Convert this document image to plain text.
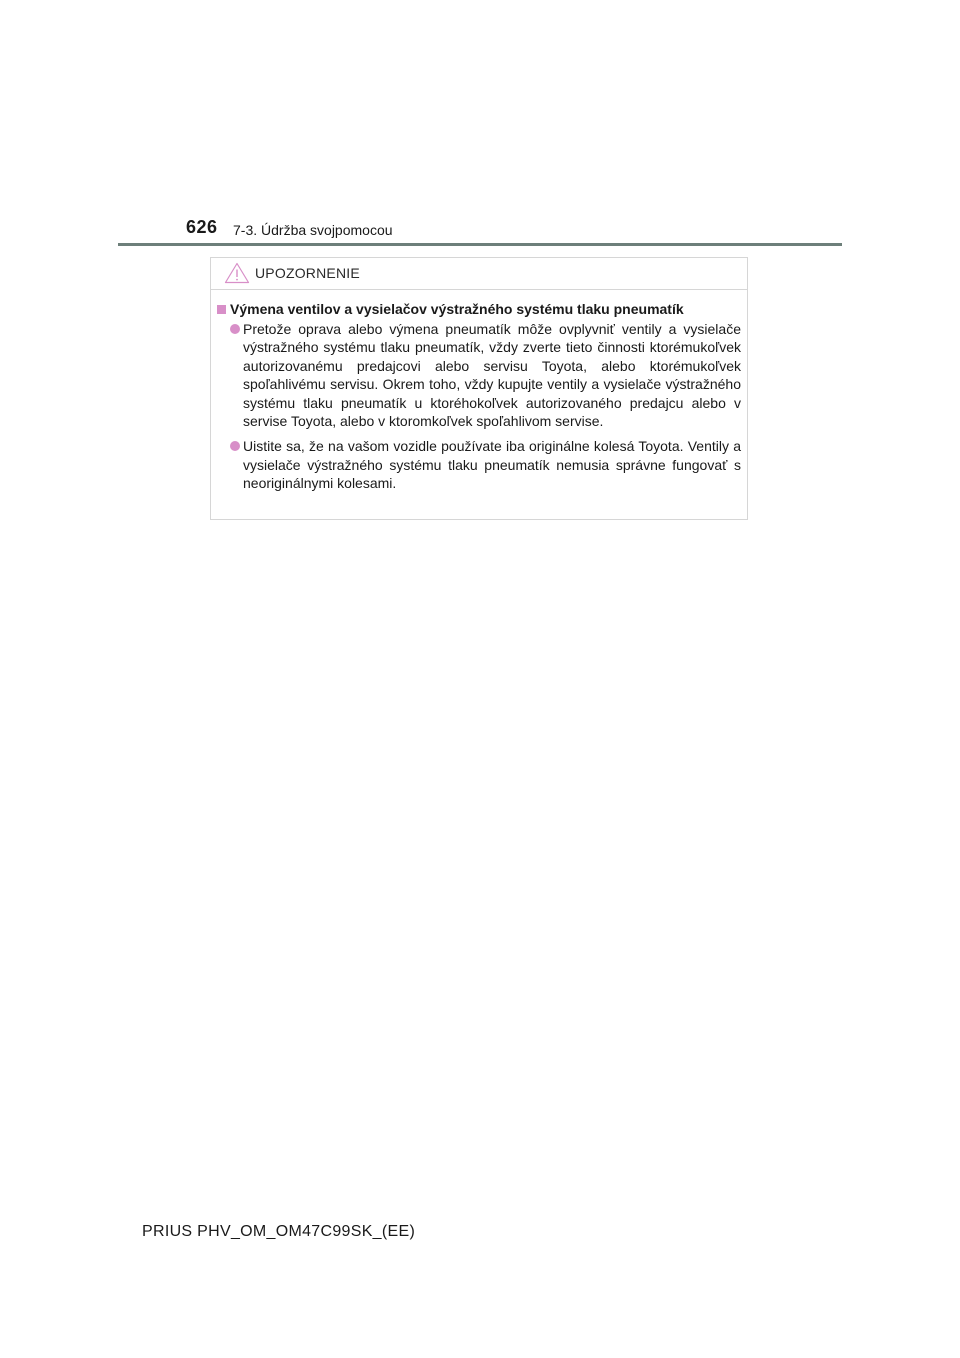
626 7-3. Údržba svojpomocou
UPOZORNENIE
Výmena ventilov a vysielačov výstražného systému tlaku pneumatík
Pretože oprava alebo výmena pneumatík môže ovplyvniť ventily a vysielače výstražného systému tlaku pneumatík, vždy zverte tieto činnosti ktorémukoľvek autorizovanému predajcovi alebo servisu Toyota, alebo ktorémukoľvek spoľahlivému servisu. Okrem toho, vždy kupujte ventily a vysielače výstražného systému tlaku pneumatík u ktoréhokoľvek autorizovaného predajcu alebo v servise Toyota, alebo v ktoromkoľvek spoľahlivom servise.
Uistite sa, že na vašom vozidle používate iba originálne kolesá Toyota. Ventily a vysielače výstražného systému tlaku pneumatík nemusia správne fungovať s neoriginálnymi kolesami.
PRIUS PHV_OM_OM47C99SK_(EE)
